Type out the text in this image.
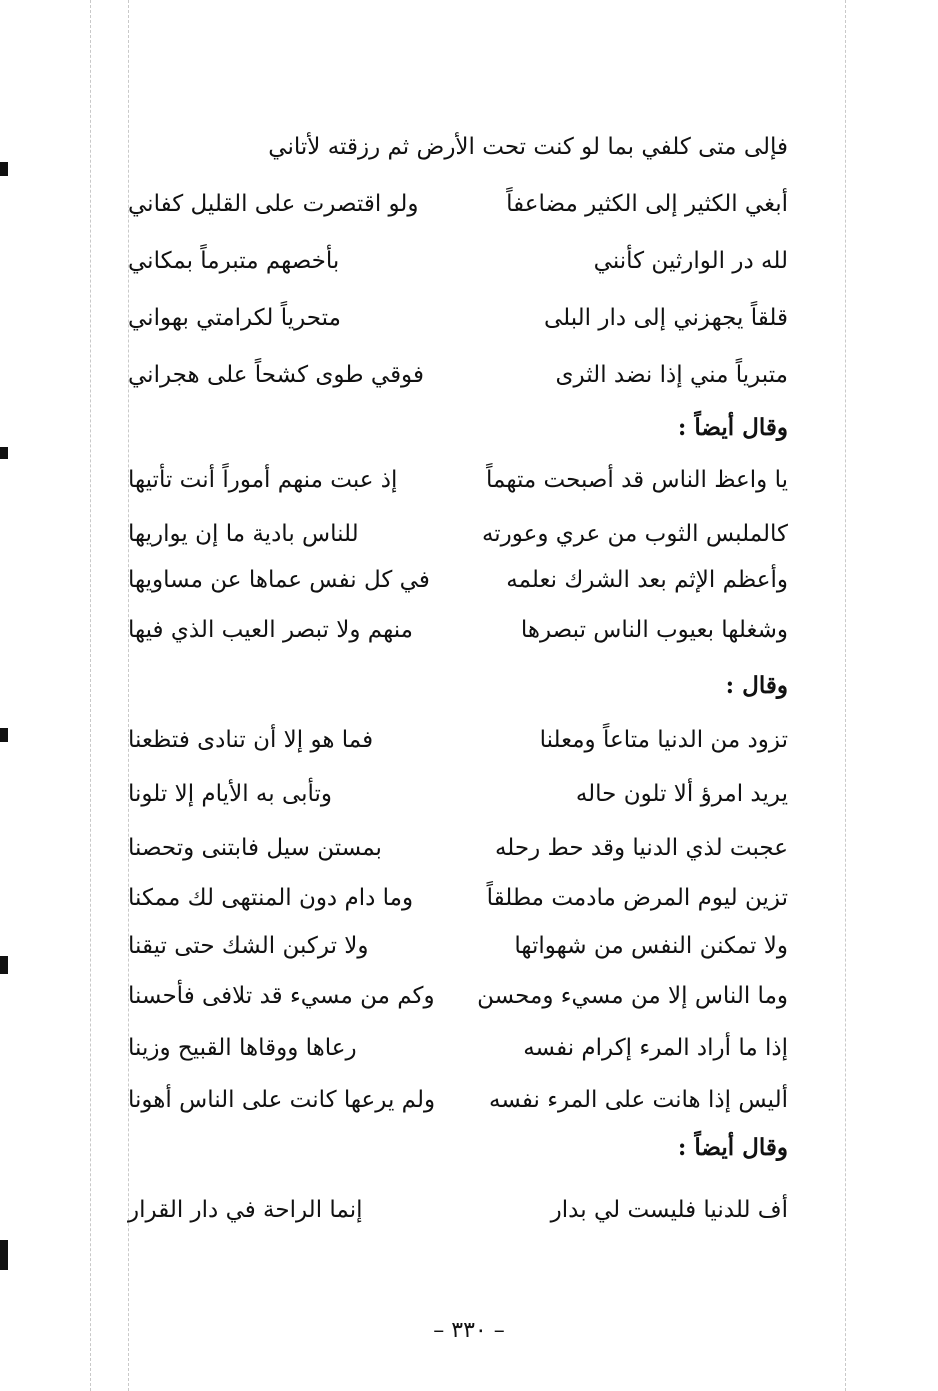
فإلى متى كلفي بما لو كنت تحت الأرض ثم رزقته لأتاني
أبغي الكثير إلى الكثير مضاعفاً
ولو اقتصرت على القليل كفاني
لله در الوارثين كأنني
بأخصهم متبرماً بمكاني
قلقاً يجهزني إلى دار البلى
متحرياً لكرامتي بهواني
متبرياً مني إذا نضد الثرى
فوقي طوى كشحاً على هجراني
وقال أيضاً :
يا واعظ الناس قد أصبحت متهماً
إذ عبت منهم أموراً أنت تأتيها
كالملبس الثوب من عري وعورته
للناس بادية ما إن يواريها
وأعظم الإثم بعد الشرك نعلمه
في كل نفس عماها عن مساويها
وشغلها بعيوب الناس تبصرها
منهم ولا تبصر العيب الذي فيها
وقال :
تزود من الدنيا متاعاً ومعلنا
فما هو إلا أن تنادى فتظعنا
يريد امرؤ ألا تلون حاله
وتأبى به الأيام إلا تلونا
عجبت لذي الدنيا وقد حط رحله
بمستن سيل فابتنى وتحصنا
تزين ليوم المرض مادمت مطلقاً
وما دام دون المنتهى لك ممكنا
ولا تمكنن النفس من شهواتها
ولا تركبن الشك حتى تيقنا
وما الناس إلا من مسيء ومحسن
وكم من مسيء قد تلافى فأحسنا
إذا ما أراد المرء إكرام نفسه
رعاها ووقاها القبيح وزينا
أليس إذا هانت على المرء نفسه
ولم يرعها كانت على الناس أهونا
وقال أيضاً :
أف للدنيا فليست لي بدار
إنما الراحة في دار القرار
– ٣٣٠ –
